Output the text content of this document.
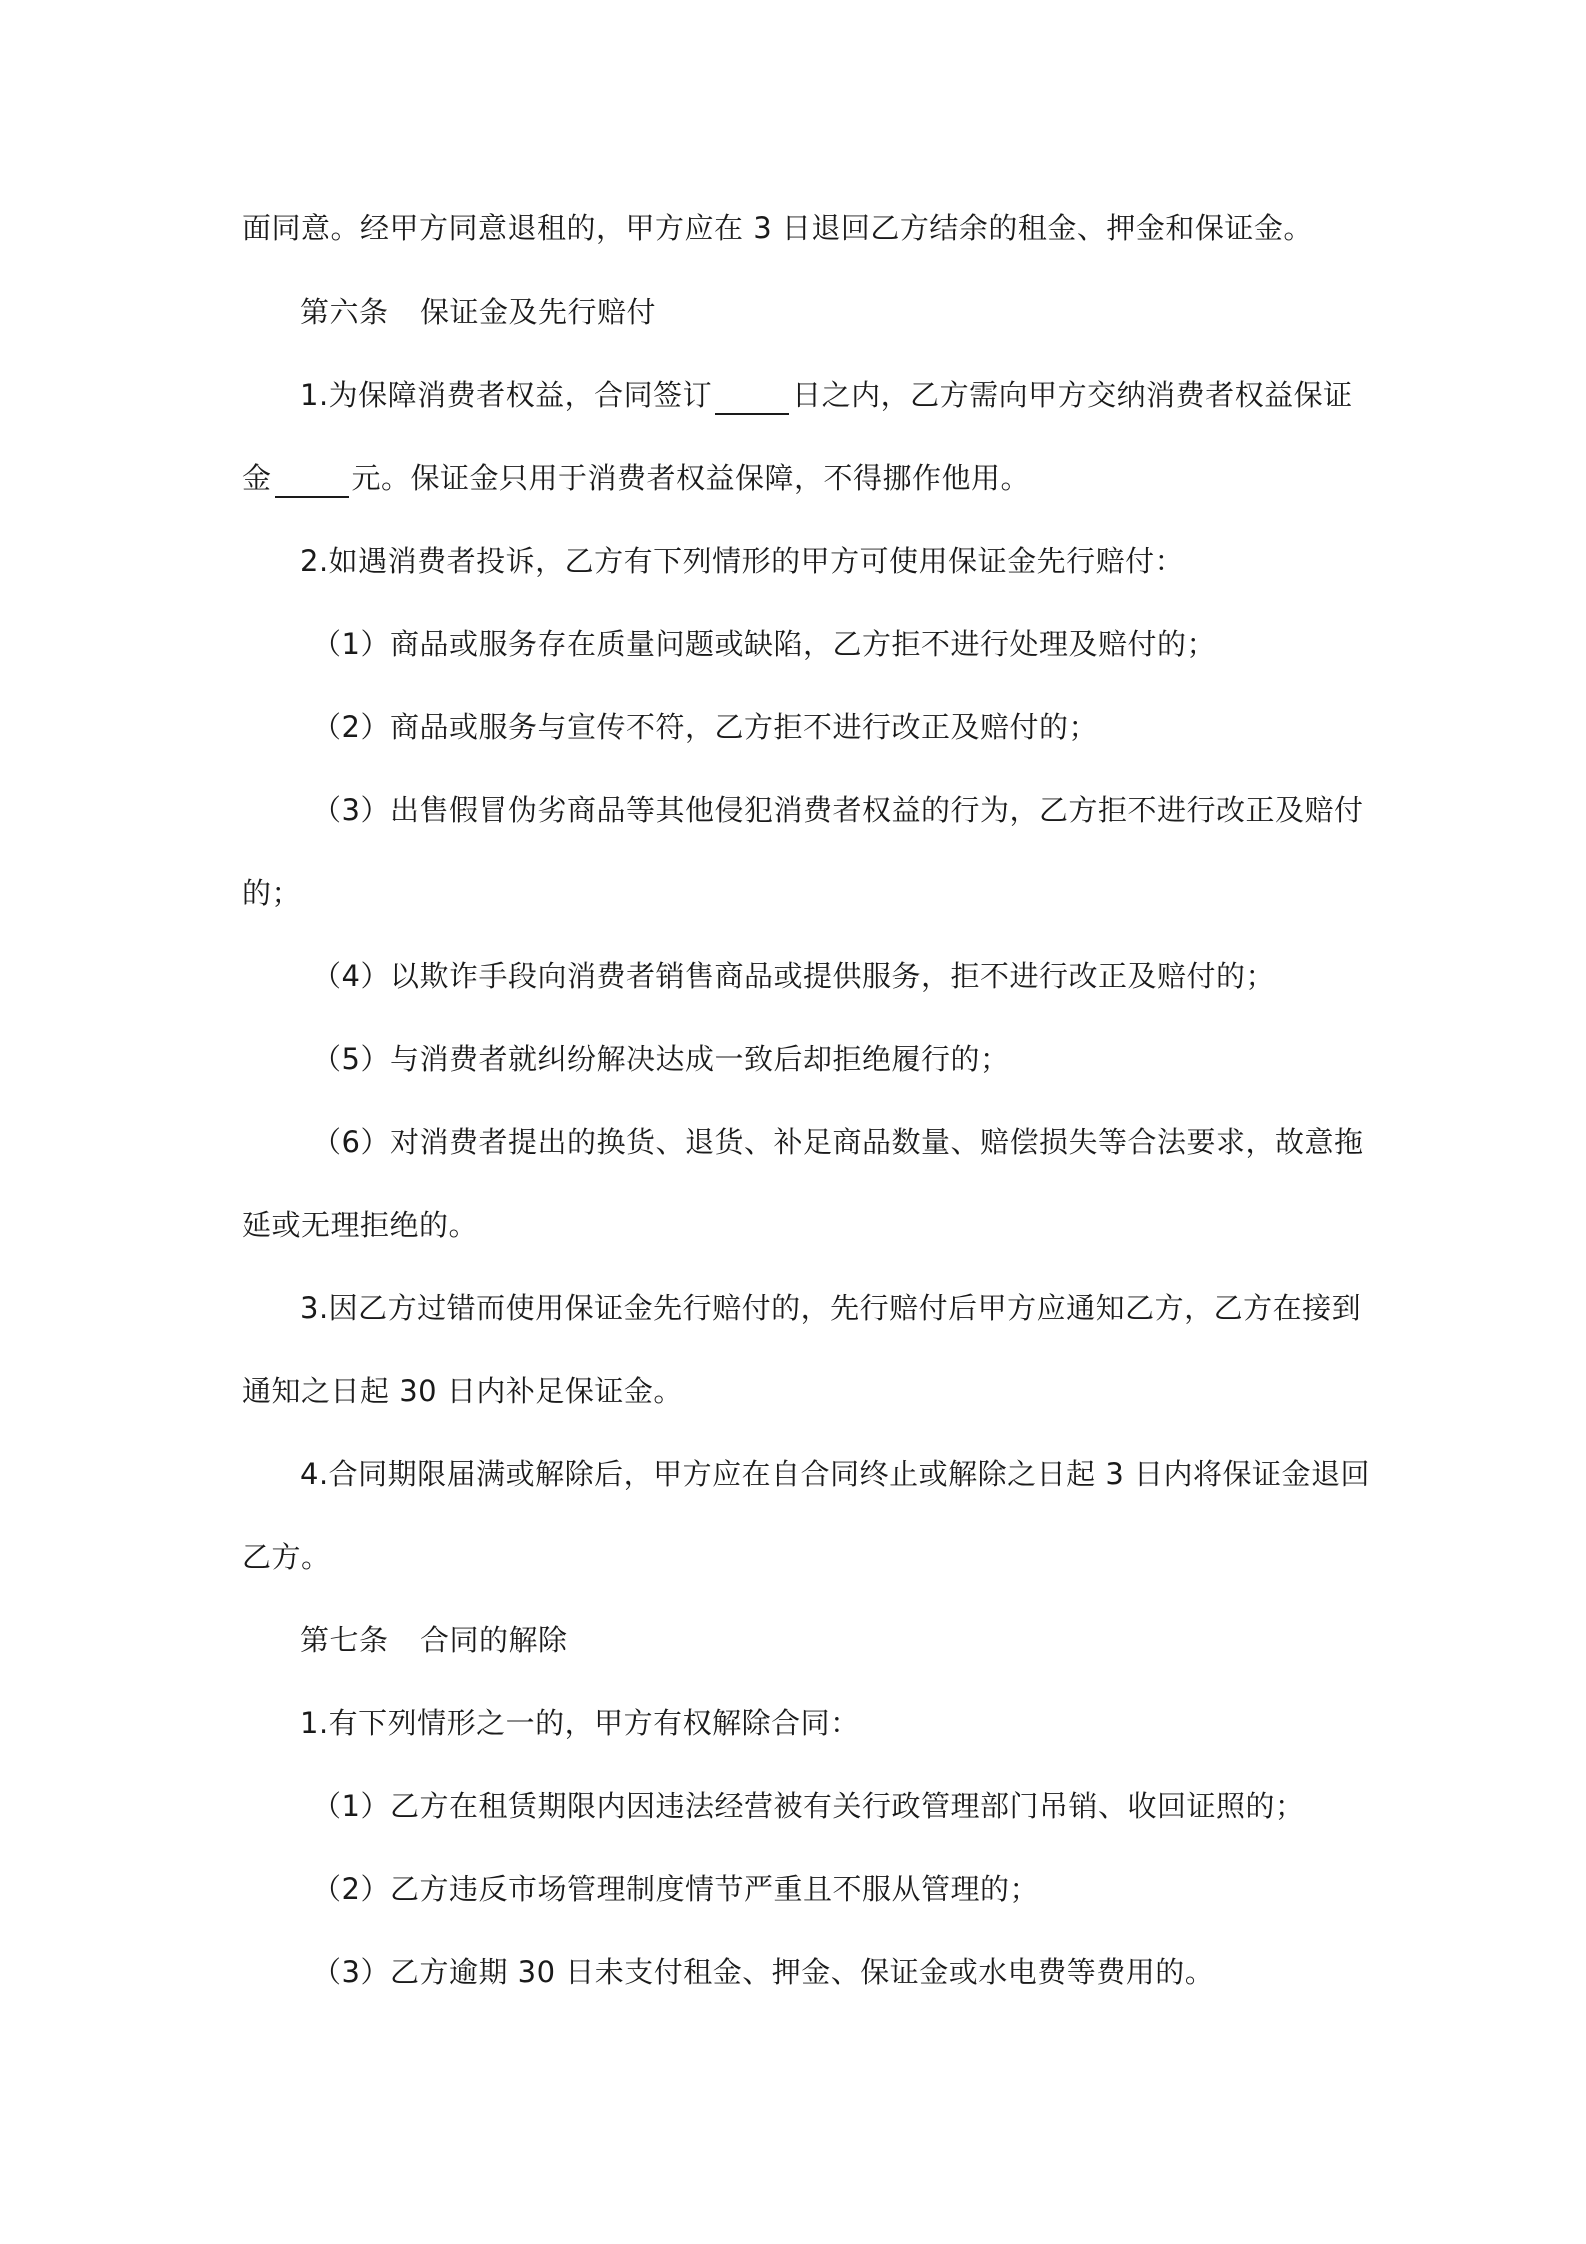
面同意。经甲方同意退租的，甲方应在 3 日退回乙方结余的租金、押金和保证金。
第六条 保证金及先行赔付
1.为保障消费者权益，合同签订	日之内，乙方需向甲方交纳消费者权益保证
金	元。保证金只用于消费者权益保障，不得挪作他用。
2.如遇消费者投诉，乙方有下列情形的甲方可使用保证金先行赔付：
（1）商品或服务存在质量问题或缺陷，乙方拒不进行处理及赔付的；
（2）商品或服务与宣传不符，乙方拒不进行改正及赔付的；
（3）出售假冒伪劣商品等其他侵犯消费者权益的行为，乙方拒不进行改正及赔付
的；
（4）以欺诈手段向消费者销售商品或提供服务，拒不进行改正及赔付的；
（5）与消费者就纠纷解决达成一致后却拒绝履行的；
（6）对消费者提出的换货、退货、补足商品数量、赔偿损失等合法要求，故意拖
延或无理拒绝的。
3.因乙方过错而使用保证金先行赔付的，先行赔付后甲方应通知乙方，乙方在接到
通知之日起 30 日内补足保证金。
4.合同期限届满或解除后，甲方应在自合同终止或解除之日起 3 日内将保证金退回
乙方。
第七条 合同的解除
1.有下列情形之一的，甲方有权解除合同：
（1）乙方在租赁期限内因违法经营被有关行政管理部门吊销、收回证照的；
（2）乙方违反市场管理制度情节严重且不服从管理的；
（3）乙方逾期 30 日未支付租金、押金、保证金或水电费等费用的。
